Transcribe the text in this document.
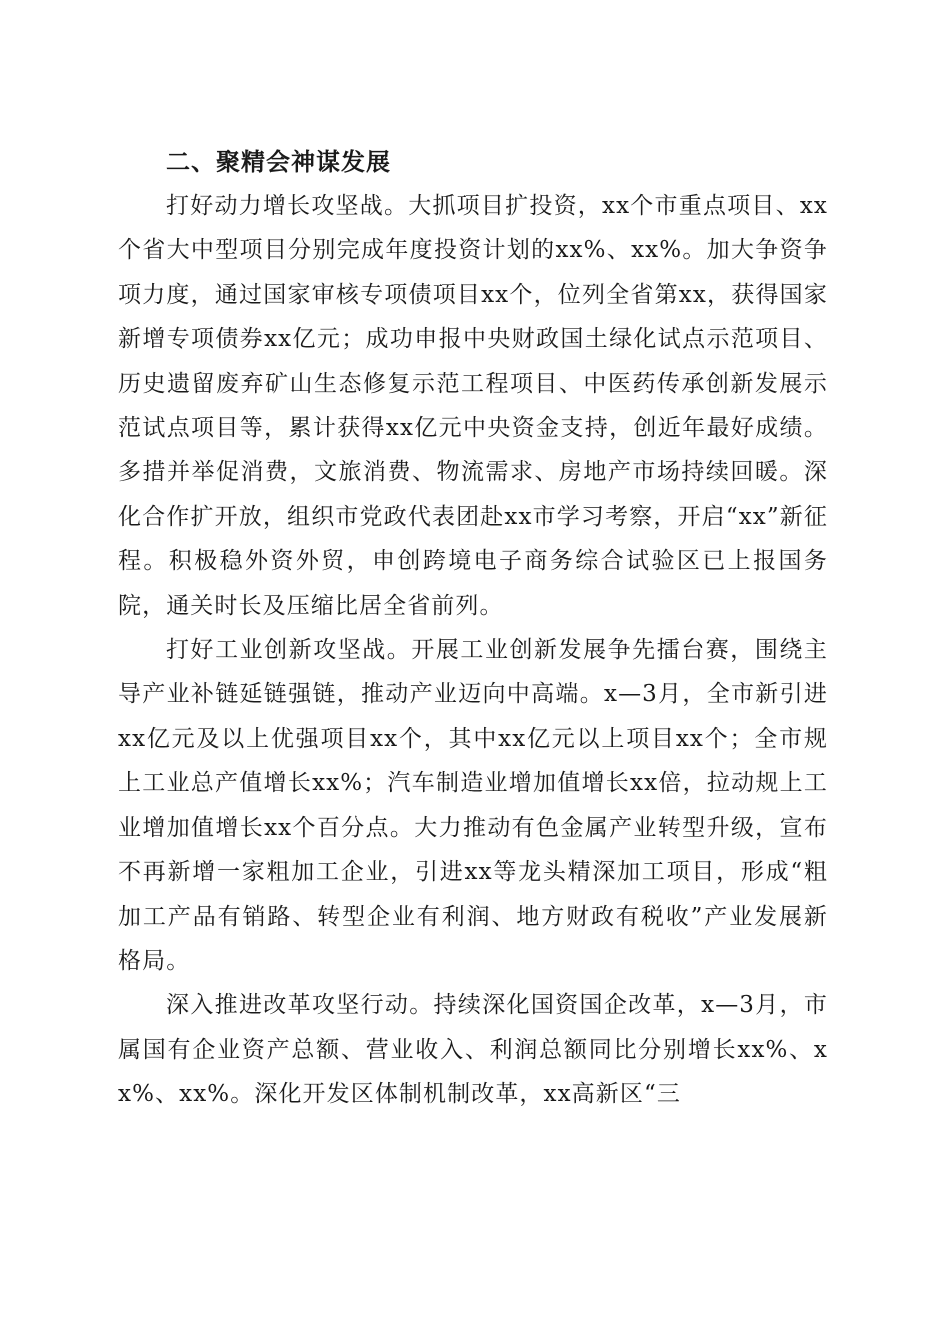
二、聚精会神谋发展

打好动力增长攻坚战。大抓项目扩投资，xx个市重点项目、xx个省大中型项目分别完成年度投资计划的xx%、xx%。加大争资争项力度，通过国家审核专项债项目xx个，位列全省第xx，获得国家新增专项债券xx亿元；成功申报中央财政国土绿化试点示范项目、历史遗留废弃矿山生态修复示范工程项目、中医药传承创新发展示范试点项目等，累计获得xx亿元中央资金支持，创近年最好成绩。多措并举促消费，文旅消费、物流需求、房地产市场持续回暖。深化合作扩开放，组织市党政代表团赴xx市学习考察，开启“xx”新征程。积极稳外资外贸，申创跨境电子商务综合试验区已上报国务院，通关时长及压缩比居全省前列。

打好工业创新攻坚战。开展工业创新发展争先擂台赛，围绕主导产业补链延链强链，推动产业迈向中高端。x—3月，全市新引进xx亿元及以上优强项目xx个，其中xx亿元以上项目xx个；全市规上工业总产值增长xx%；汽车制造业增加值增长xx倍，拉动规上工业增加值增长xx个百分点。大力推动有色金属产业转型升级，宣布不再新增一家粗加工企业，引进xx等龙头精深加工项目，形成“粗加工产品有销路、转型企业有利润、地方财政有税收”产业发展新格局。

深入推进改革攻坚行动。持续深化国资国企改革，x—3月，市属国有企业资产总额、营业收入、利润总额同比分别增长xx%、xx%、xx%。深化开发区体制机制改革，xx高新区“三
